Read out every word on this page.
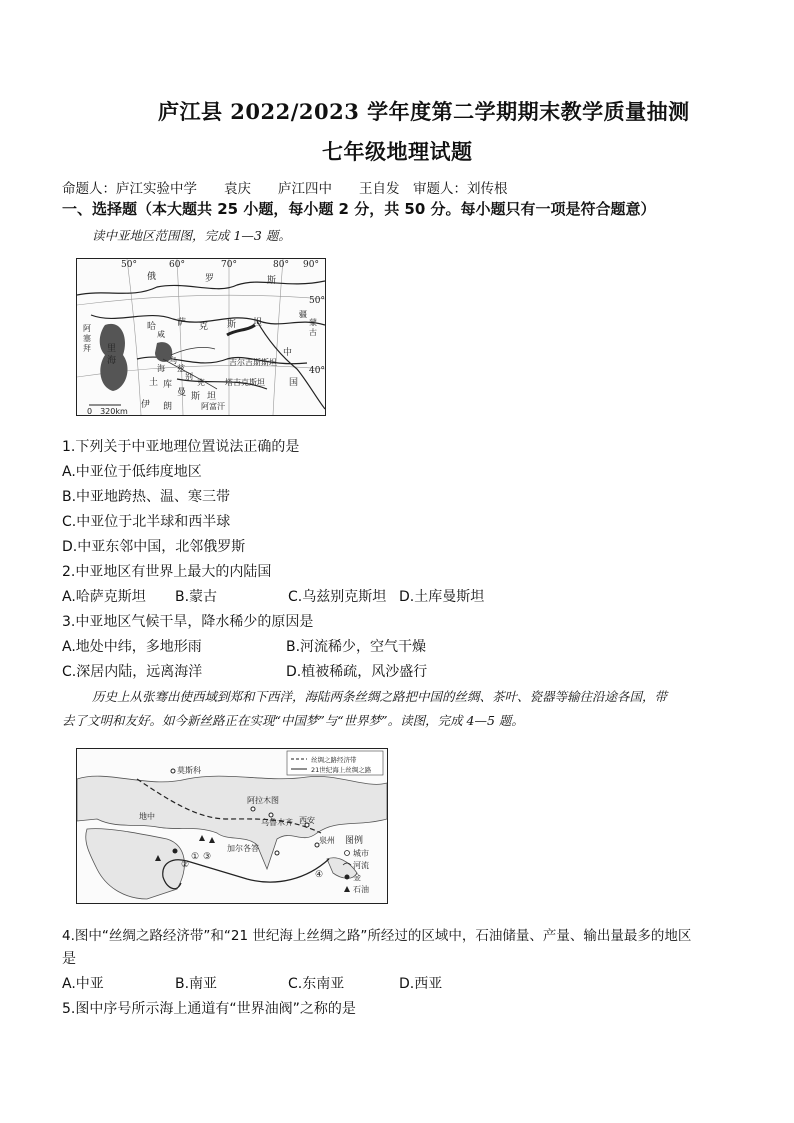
庐江县 2022/2023 学年度第二学期期末教学质量抽测
七年级地理试题
命题人：庐江实验中学　　袁庆　　庐江四中　　王自发　审题人：刘传根
一、选择题（本大题共 25 小题，每小题 2 分，共 50 分。每小题只有一项是符合题意）
读中亚地区范围图，完成 1—3 题。
50°	60°	70°	80° 90°
50°
40°
俄	罗	斯
哈 萨 克 斯 坦
阿
塞
拜
疆
里
海
咸
海
乌
兹
别
克
土 库
曼 斯 坦
伊 朗	阿富汗
吉尔吉斯斯坦
塔吉克斯坦
中
国
蒙
古
0　320km
1.下列关于中亚地理位置说法正确的是
A.中亚位于低纬度地区
B.中亚地跨热、温、寒三带
C.中亚位于北半球和西半球
D.中亚东邻中国，北邻俄罗斯
2.中亚地区有世界上最大的内陆国
A.哈萨克斯坦 B.蒙古	C.乌兹别克斯坦 D.土库曼斯坦
3.中亚地区气候干旱，降水稀少的原因是
A.地处中纬，多地形雨	B.河流稀少，空气干燥
C.深居内陆，远离海洋	D.植被稀疏，风沙盛行
历史上从张骞出使西域到郑和下西洋，海陆两条丝绸之路把中国的丝绸、茶叶、瓷器等输往沿途各国，带
去了文明和友好。如今新丝路正在实现“中国梦”与“世界梦”。读图，完成 4—5 题。
丝绸之路经济带
21世纪海上丝绸之路
图例
城市
河流
金
石油
莫斯科
阿拉木图
乌鲁木齐 西安
泉州
加尔各答
地中
①
②
③
④
4.图中“丝绸之路经济带”和“21 世纪海上丝绸之路”所经过的区域中，石油储量、产量、输出量最多的地区
是
A.中亚	B.南亚	C.东南亚	D.西亚
5.图中序号所示海上通道有“世界油阀”之称的是
